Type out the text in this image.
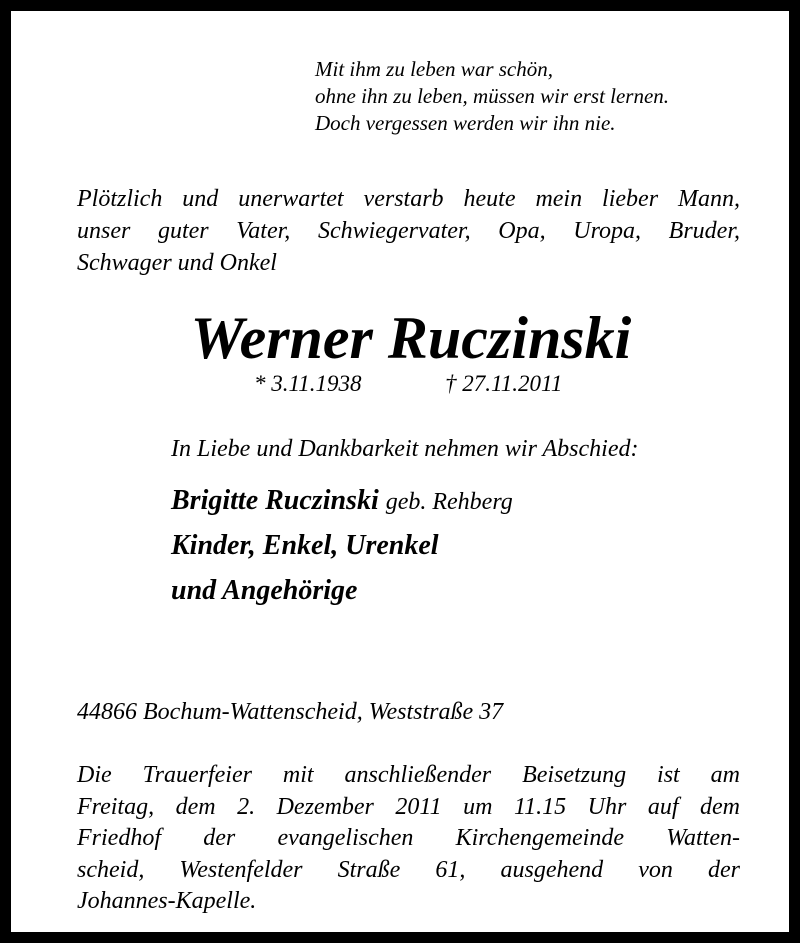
Mit ihm zu leben war schön,
ohne ihn zu leben, müssen wir erst lernen.
Doch vergessen werden wir ihn nie.
Plötzlich und unerwartet verstarb heute mein lieber Mann,
unser guter Vater, Schwiegervater, Opa, Uropa, Bruder,
Schwager und Onkel
Werner Ruczinski
* 3.11.1938	† 27.11.2011
In Liebe und Dankbarkeit nehmen wir Abschied:
Brigitte Ruczinski geb. Rehberg
Kinder, Enkel, Urenkel
und Angehörige
44866 Bochum-Wattenscheid, Weststraße 37
Die Trauerfeier mit anschließender Beisetzung ist am
Freitag, dem 2. Dezember 2011 um 11.15 Uhr auf dem
Friedhof der evangelischen Kirchengemeinde Watten-
scheid, Westenfelder Straße 61, ausgehend von der
Johannes-Kapelle.
